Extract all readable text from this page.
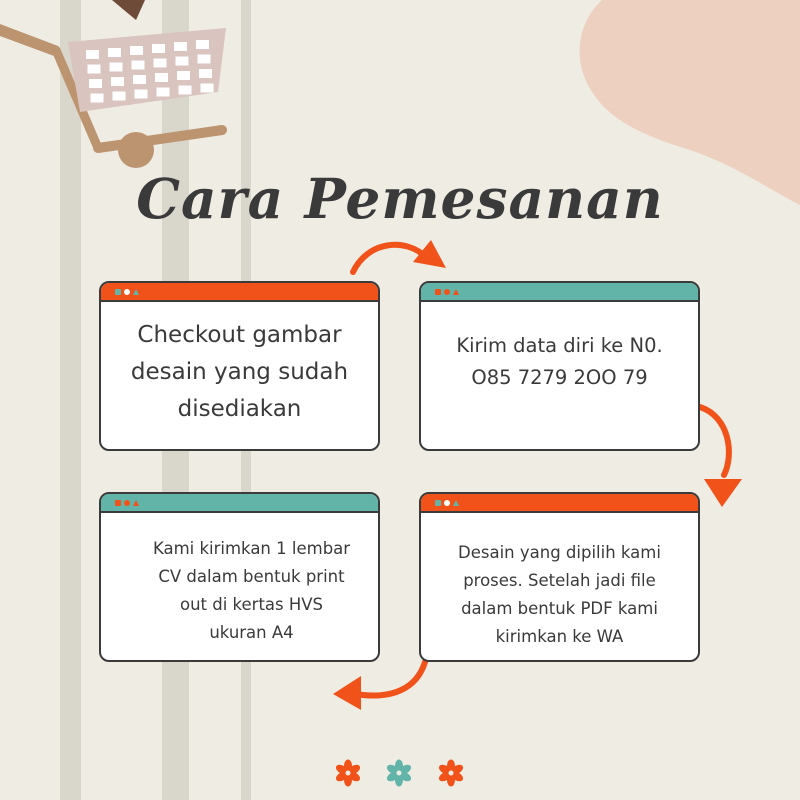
Cara Pemesanan
Checkout gambar
desain yang sudah
disediakan
Kirim data diri ke N0.
O85 7279 2OO 79
Desain yang dipilih kami
proses. Setelah jadi file
dalam bentuk PDF kami
kirimkan ke WA
Kami kirimkan 1 lembar
CV dalam bentuk print
out di kertas HVS
ukuran A4
